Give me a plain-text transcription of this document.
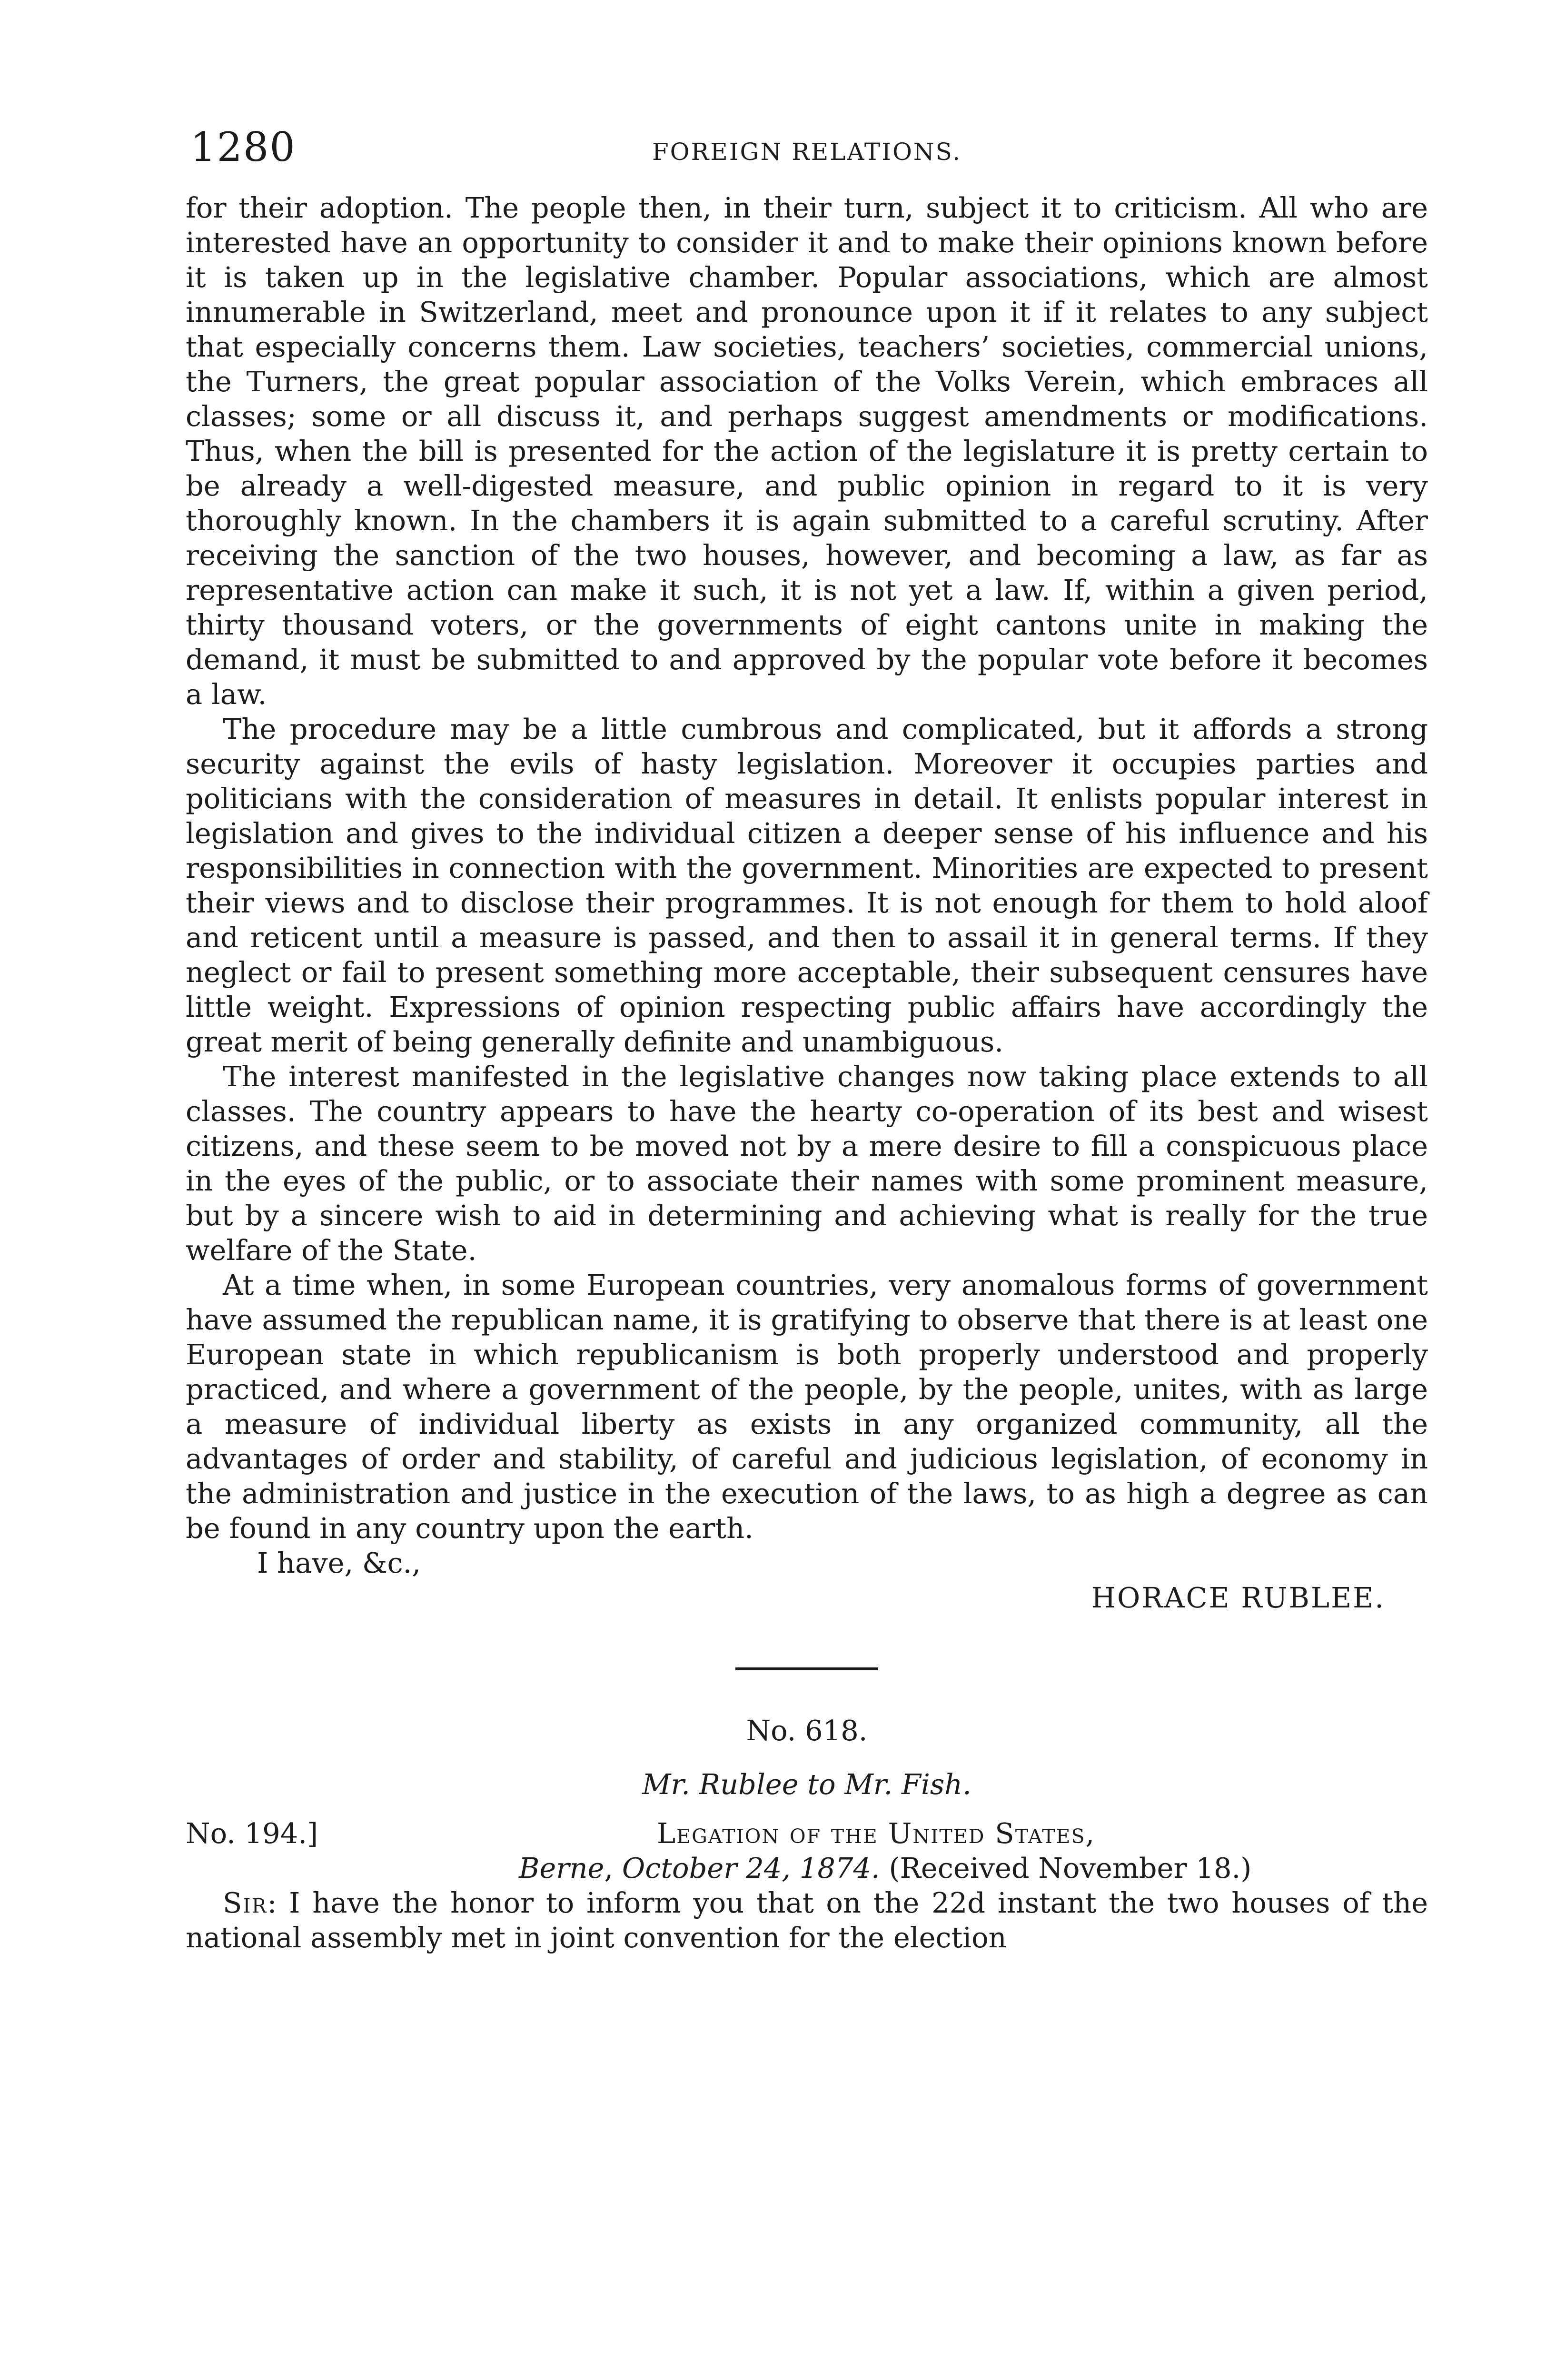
1280	FOREIGN RELATIONS.

for their adoption. The people then, in their turn, subject it to criticism. All who are interested have an opportunity to consider it and to make their opinions known before it is taken up in the legislative chamber. Popular associations, which are almost innumerable in Switzerland, meet and pronounce upon it if it relates to any subject that especially concerns them. Law societies, teachers’ societies, commercial unions, the Turners, the great popular association of the Volks Verein, which embraces all classes; some or all discuss it, and perhaps suggest amendments or modifications. Thus, when the bill is presented for the action of the legislature it is pretty certain to be already a well-digested measure, and public opinion in regard to it is very thoroughly known. In the chambers it is again submitted to a careful scrutiny. After receiving the sanction of the two houses, however, and becoming a law, as far as representative action can make it such, it is not yet a law. If, within a given period, thirty thousand voters, or the governments of eight cantons unite in making the demand, it must be submitted to and approved by the popular vote before it becomes a law.

The procedure may be a little cumbrous and complicated, but it affords a strong security against the evils of hasty legislation. Moreover it occupies parties and politicians with the consideration of measures in detail. It enlists popular interest in legislation and gives to the individual citizen a deeper sense of his influence and his responsibilities in connection with the government. Minorities are expected to present their views and to disclose their programmes. It is not enough for them to hold aloof and reticent until a measure is passed, and then to assail it in general terms. If they neglect or fail to present something more acceptable, their subsequent censures have little weight. Expressions of opinion respecting public affairs have accordingly the great merit of being generally definite and unambiguous.

The interest manifested in the legislative changes now taking place extends to all classes. The country appears to have the hearty co-operation of its best and wisest citizens, and these seem to be moved not by a mere desire to fill a conspicuous place in the eyes of the public, or to associate their names with some prominent measure, but by a sincere wish to aid in determining and achieving what is really for the true welfare of the State.

At a time when, in some European countries, very anomalous forms of government have assumed the republican name, it is gratifying to observe that there is at least one European state in which republicanism is both properly understood and properly practiced, and where a government of the people, by the people, unites, with as large a measure of individual liberty as exists in any organized community, all the advantages of order and stability, of careful and judicious legislation, of economy in the administration and justice in the execution of the laws, to as high a degree as can be found in any country upon the earth.

I have, &c.,
HORACE RUBLEE.
No. 618.
Mr. Rublee to Mr. Fish.
No. 194.]	Legation of the United States,
Berne, October 24, 1874. (Received November 18.)
Sir: I have the honor to inform you that on the 22d instant the two houses of the national assembly met in joint convention for the election
